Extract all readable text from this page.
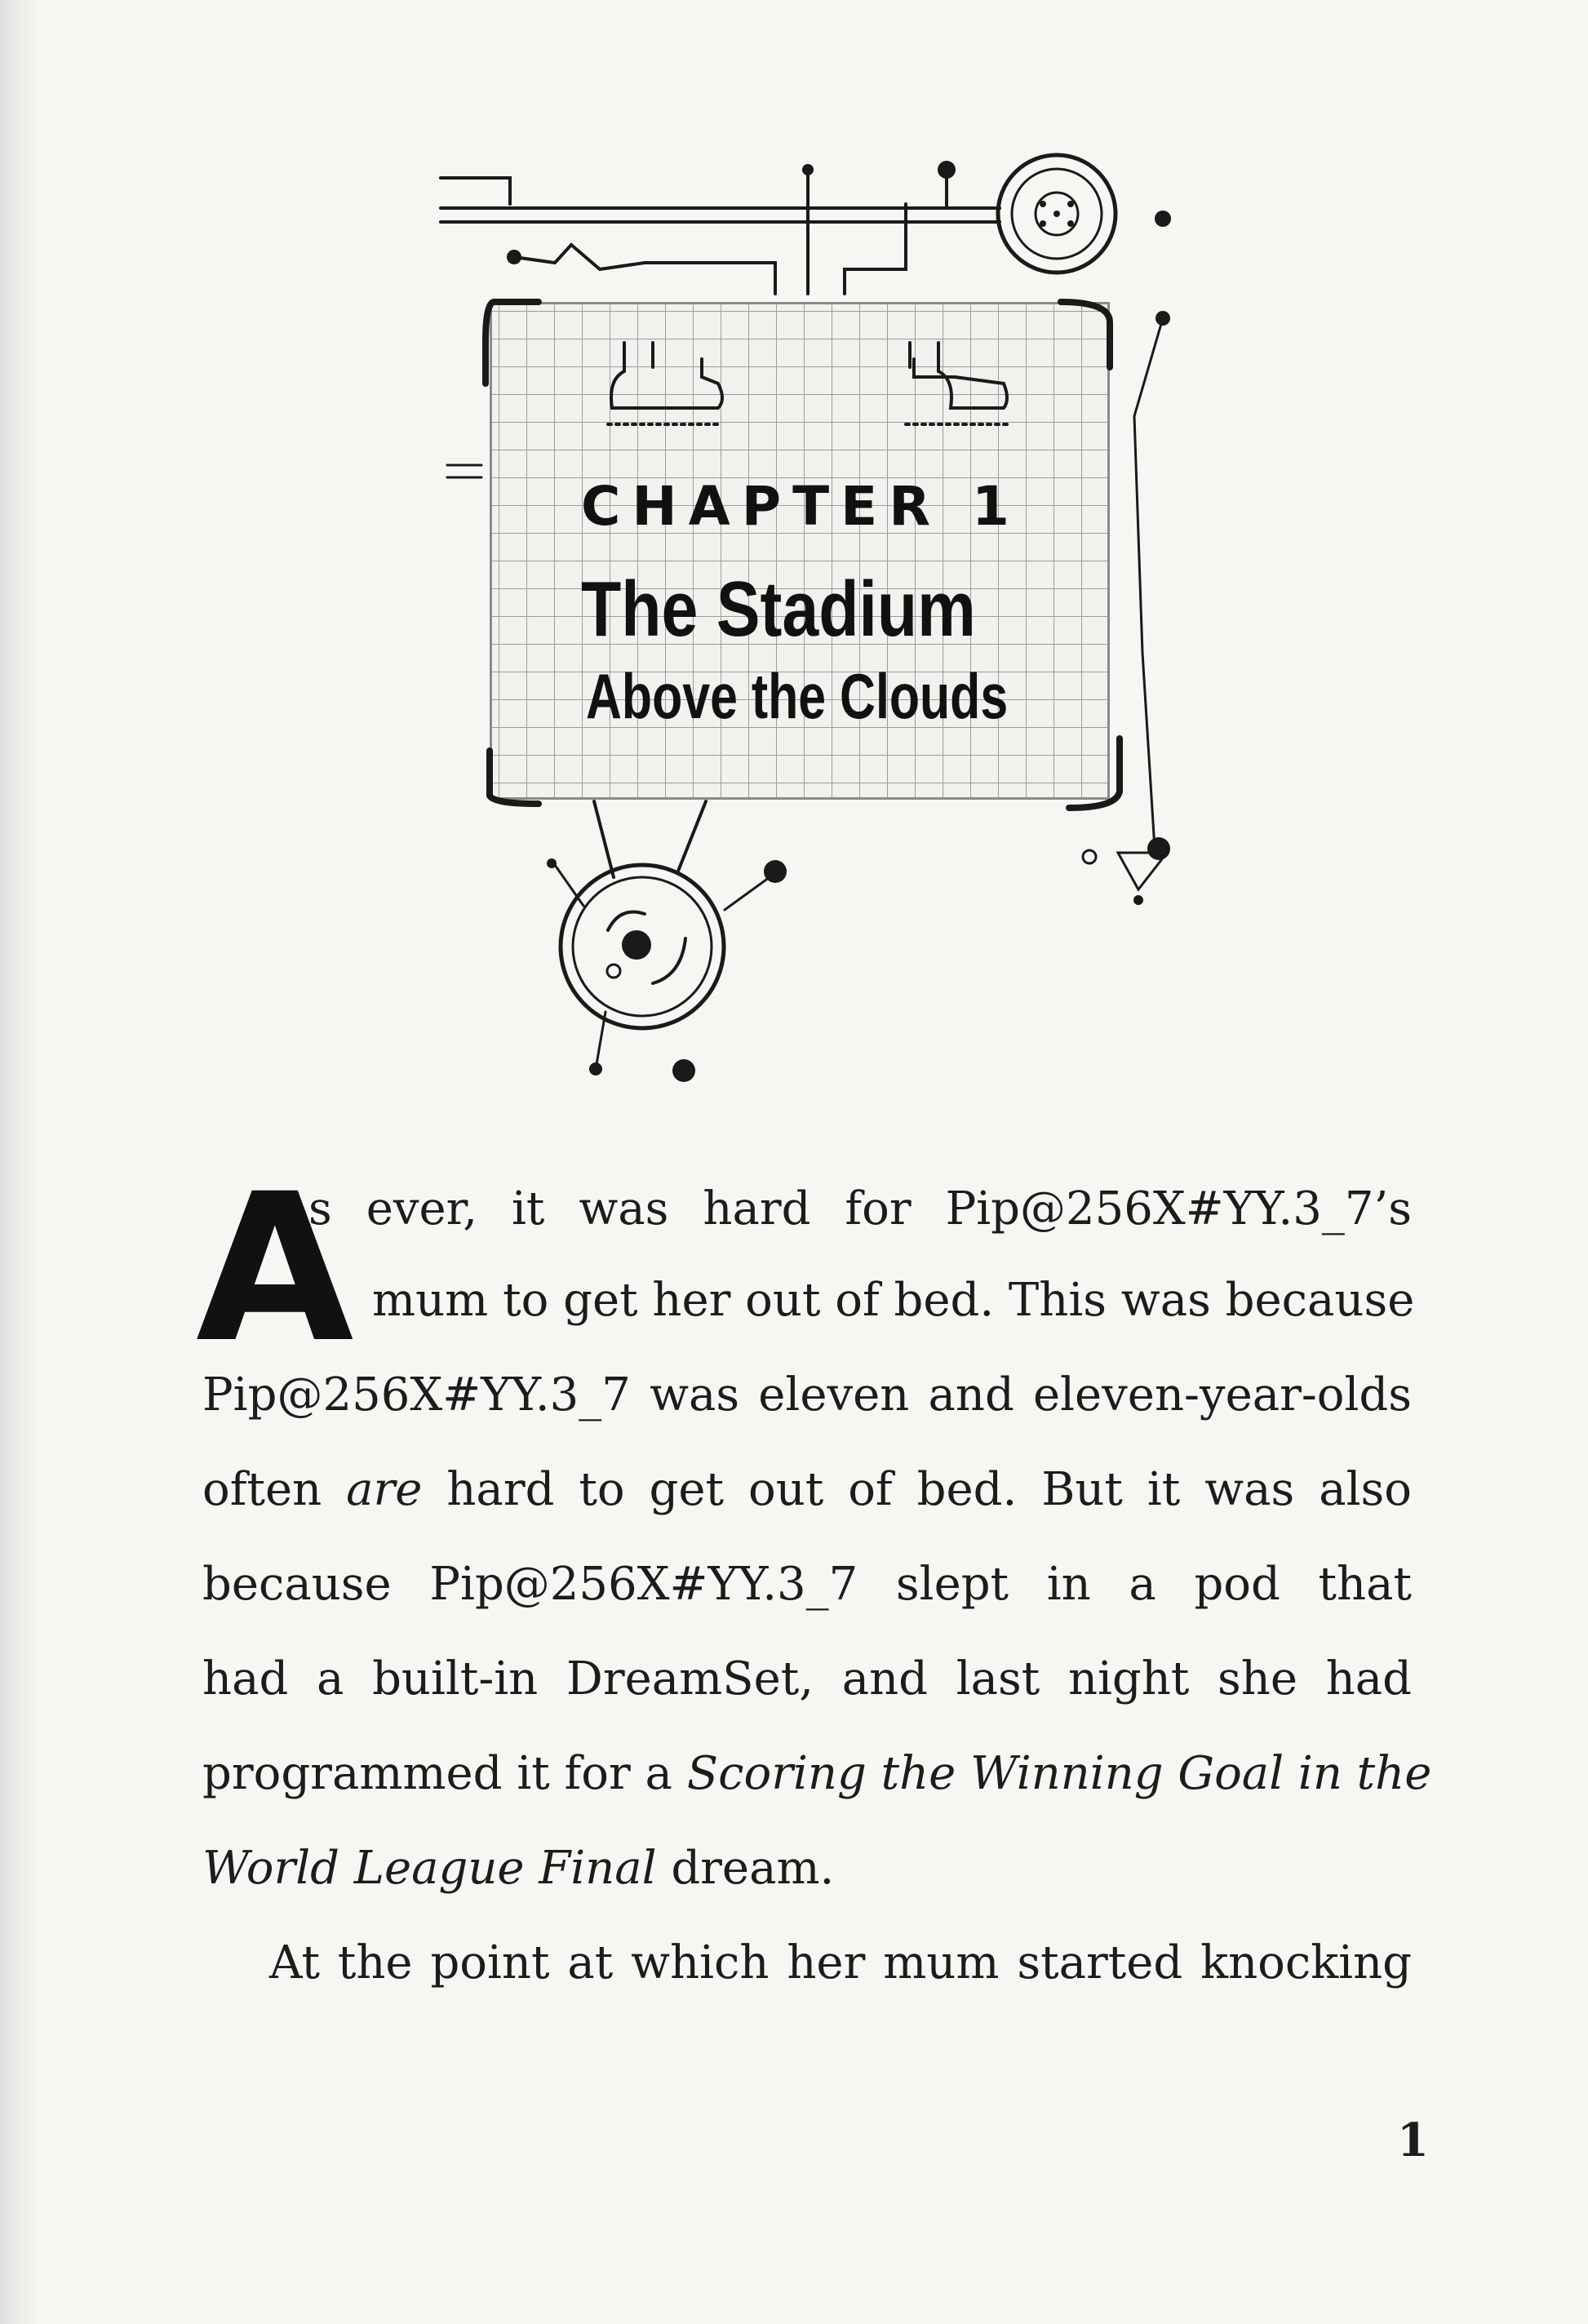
CHAPTER 1
The Stadium
Above the Clouds
A
s ever, it was hard for Pip@256X#YY.3_7’s
mum to get her out of bed. This was because
Pip@256X#YY.3_7 was eleven and eleven-year-olds
often are hard to get out of bed. But it was also
because Pip@256X#YY.3_7 slept in a pod that
had a built-in DreamSet, and last night she had
programmed it for a Scoring the Winning Goal in the
World League Final dream.
At the point at which her mum started knocking
1
